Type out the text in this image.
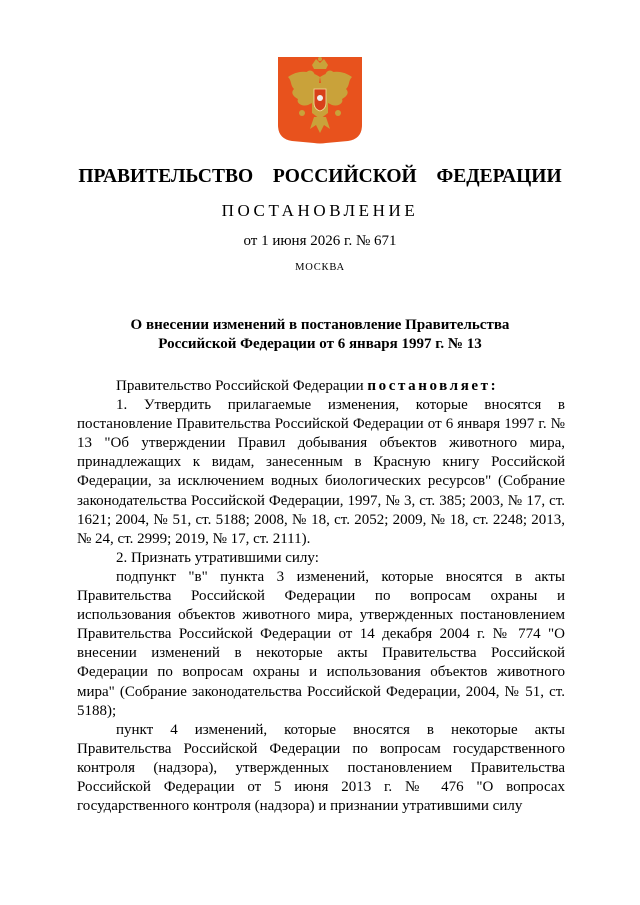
ПРАВИТЕЛЬСТВО  РОССИЙСКОЙ  ФЕДЕРАЦИИ
ПОСТАНОВЛЕНИЕ
от 1 июня 2026 г. № 671
МОСКВА
О внесении изменений в постановление Правительства
Российской Федерации от 6 января 1997 г. № 13

Правительство Российской Федерации постановляет:

1. Утвердить прилагаемые изменения, которые вносятся в постановление Правительства Российской Федерации от 6 января 1997 г. № 13 "Об утверждении Правил добывания объектов животного мира, принадлежащих к видам, занесенным в Красную книгу Российской Федерации, за исключением водных биологических ресурсов" (Собрание законодательства Российской Федерации, 1997, № 3, ст. 385; 2003, № 17, ст. 1621; 2004, № 51, ст. 5188; 2008, № 18, ст. 2052; 2009, № 18, ст. 2248; 2013, № 24, ст. 2999; 2019, № 17, ст. 2111).

2. Признать утратившими силу:

подпункт "в" пункта 3 изменений, которые вносятся в акты Правительства Российской Федерации по вопросам охраны и использования объектов животного мира, утвержденных постановлением Правительства Российской Федерации от 14 декабря 2004 г. № 774 "О внесении изменений в некоторые акты Правительства Российской Федерации по вопросам охраны и использования объектов животного мира" (Собрание законодательства Российской Федерации, 2004, № 51, ст. 5188);

пункт 4 изменений, которые вносятся в некоторые акты Правительства Российской Федерации по вопросам государственного контроля (надзора), утвержденных постановлением Правительства Российской Федерации от 5 июня 2013 г. № 476 "О вопросах государственного контроля (надзора) и признании утратившими силу
